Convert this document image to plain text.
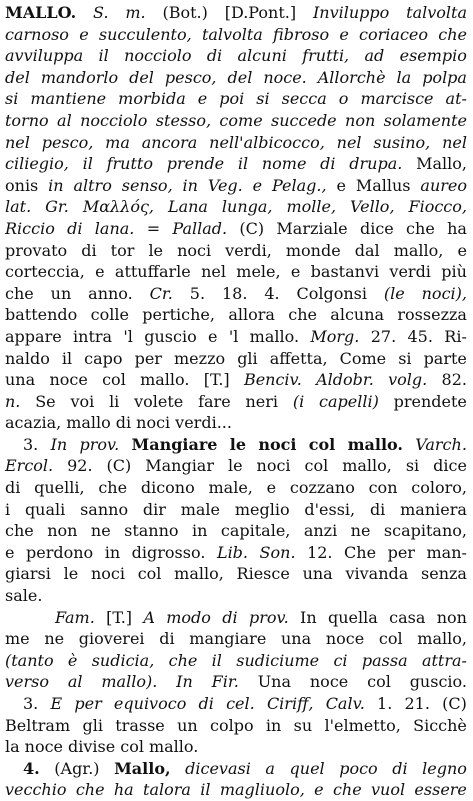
MALLO. S. m. (Bot.) [D.Pont.] Inviluppo talvolta
carnoso e succulento, talvolta fibroso e coriaceo che
avviluppa il nocciolo di alcuni frutti, ad esempio
del mandorlo del pesco, del noce. Allorchè la polpa
si mantiene morbida e poi si secca o marcisce at-
torno al nocciolo stesso, come succede non solamente
nel pesco, ma ancora nell'albicocco, nel susino, nel
ciliegio, il frutto prende il nome di drupa. Mallo,
onis in altro senso, in Veg. e Pelag., e Mallus aureo
lat. Gr. Μαλλός, Lana lunga, molle, Vello, Fiocco,
Riccio di lana. = Pallad. (C) Marziale dice che ha
provato di tor le noci verdi, monde dal mallo, e
corteccia, e attuffarle nel mele, e bastanvi verdi più
che un anno. Cr. 5. 18. 4. Colgonsi (le noci),
battendo colle pertiche, allora che alcuna rossezza
appare intra 'l guscio e 'l mallo. Morg. 27. 45. Ri-
naldo il capo per mezzo gli affetta, Come si parte
una noce col mallo. [T.] Benciv. Aldobr. volg. 82.
n. Se voi li volete fare neri (i capelli) prendete
acazia, mallo di noci verdi...
3. In prov. Mangiare le noci col mallo. Varch.
Ercol. 92. (C) Mangiar le noci col mallo, si dice
di quelli, che dicono male, e cozzano con coloro,
i quali sanno dir male meglio d'essi, di maniera
che non ne stanno in capitale, anzi ne scapitano,
e perdono in digrosso. Lib. Son. 12. Che per man-
giarsi le noci col mallo, Riesce una vivanda senza
sale.
Fam. [T.] A modo di prov. In quella casa non
me ne gioverei di mangiare una noce col mallo,
(tanto è sudicia, che il sudiciume ci passa attra-
verso al mallo). In Fir. Una noce col guscio.
3. E per equivoco di cel. Ciriff, Calv. 1. 21. (C)
Beltram gli trasse un colpo in su l'elmetto, Sicchè
la noce divise col mallo.
4. (Agr.) Mallo, dicevasi a quel poco di legno
vecchio che ha talora il magliuolo, e che vuol essere
